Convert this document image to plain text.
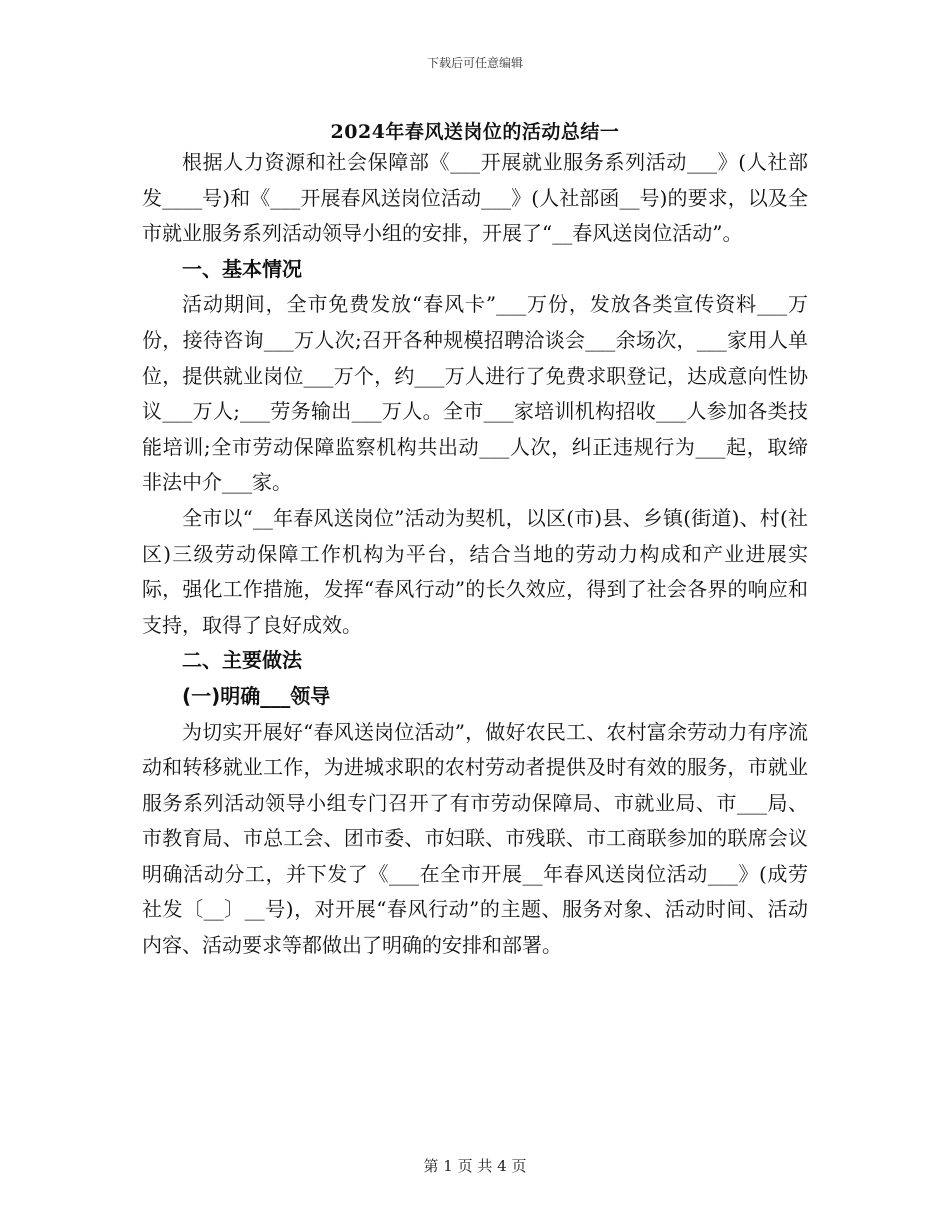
下载后可任意编辑
2024年春风送岗位的活动总结一

根据人力资源和社会保障部《___开展就业服务系列活动___》(人社部发____号)和《___开展春风送岗位活动___》(人社部函__号)的要求，以及全市就业服务系列活动领导小组的安排，开展了“__春风送岗位活动”。

一、基本情况

活动期间，全市免费发放“春风卡”___万份，发放各类宣传资料___万份，接待咨询___万人次;召开各种规模招聘洽谈会___余场次，___家用人单位，提供就业岗位___万个，约___万人进行了免费求职登记，达成意向性协议___万人;___劳务输出___万人。全市___家培训机构招收___人参加各类技能培训;全市劳动保障监察机构共出动___人次，纠正违规行为___起，取缔非法中介___家。

全市以“__年春风送岗位”活动为契机，以区(市)县、乡镇(街道)、村(社区)三级劳动保障工作机构为平台，结合当地的劳动力构成和产业进展实际，强化工作措施，发挥“春风行动”的长久效应，得到了社会各界的响应和支持，取得了良好成效。

二、主要做法
(一)明确___领导

为切实开展好“春风送岗位活动”，做好农民工、农村富余劳动力有序流动和转移就业工作，为进城求职的农村劳动者提供及时有效的服务，市就业服务系列活动领导小组专门召开了有市劳动保障局、市就业局、市___局、市教育局、市总工会、团市委、市妇联、市残联、市工商联参加的联席会议明确活动分工，并下发了《___在全市开展__年春风送岗位活动___》(成劳社发〔__〕__号)，对开展“春风行动”的主题、服务对象、活动时间、活动内容、活动要求等都做出了明确的安排和部署。

第 1 页 共 4 页
